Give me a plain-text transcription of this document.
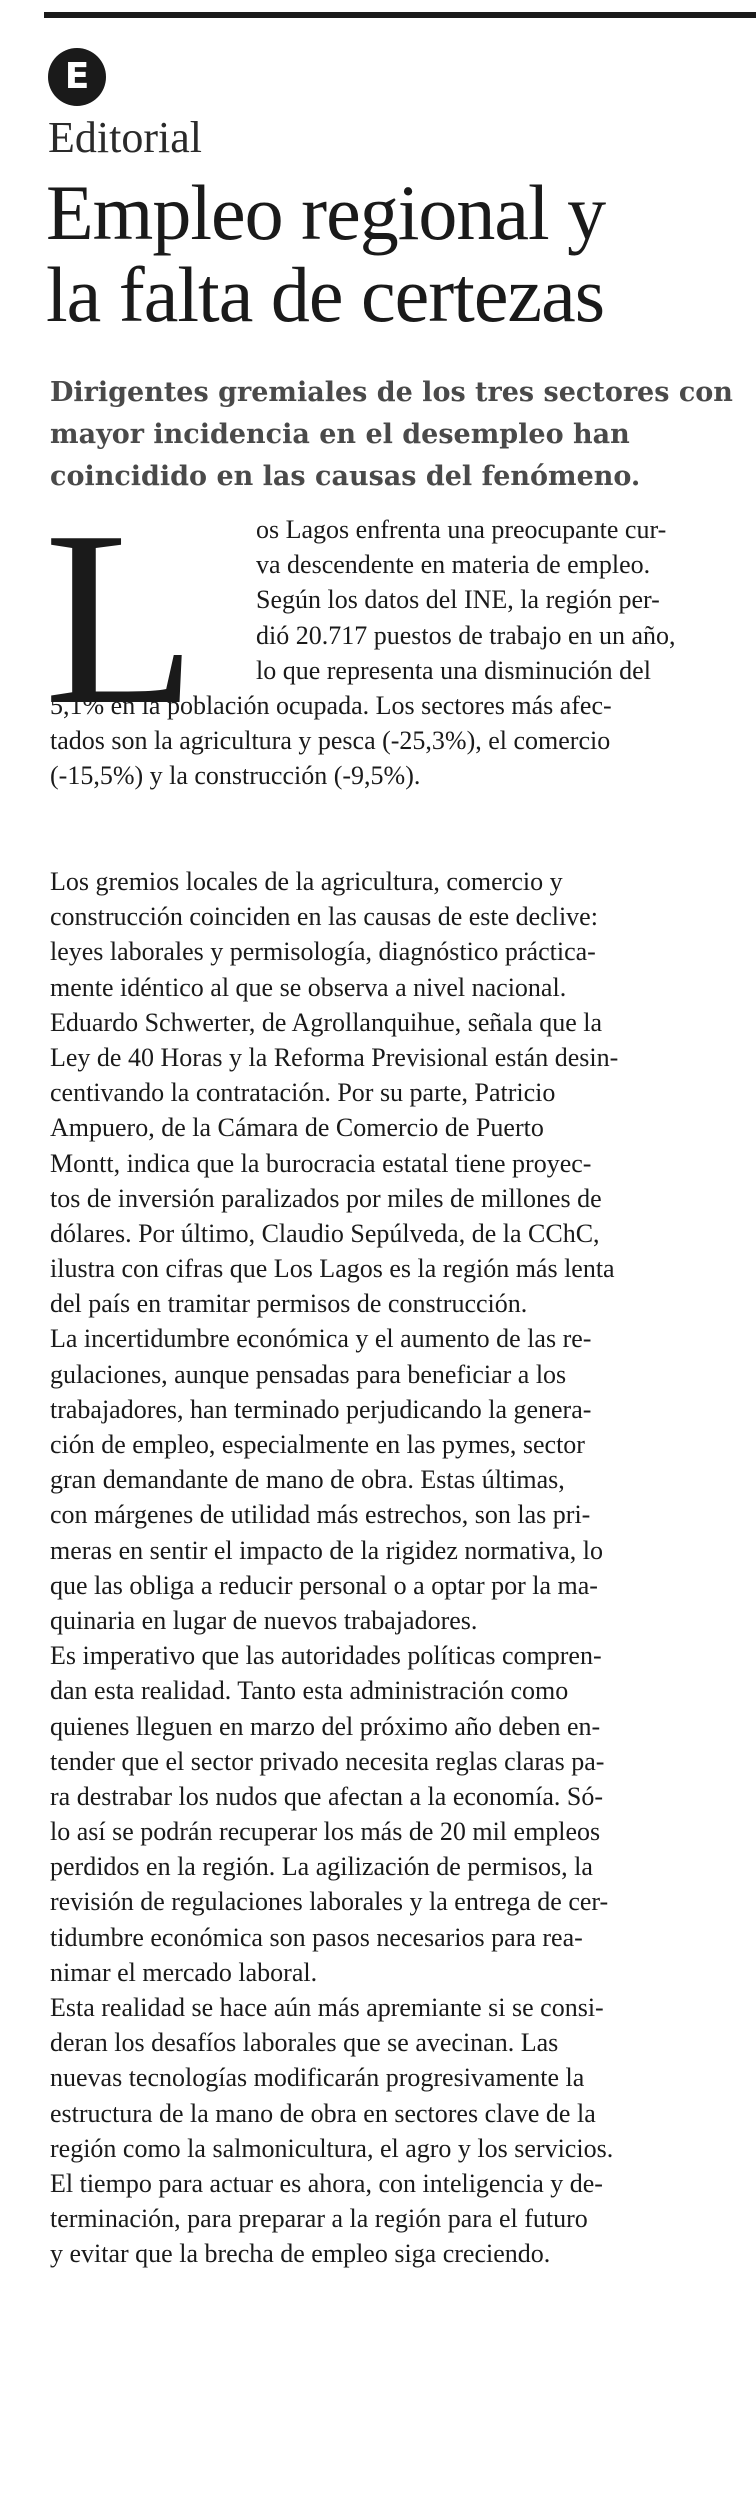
E
Editorial
Empleo regional y
la falta de certezas

Dirigentes gremiales de los tres sectores con
mayor incidencia en el desempleo han
coincidido en las causas del fenómeno.

L os Lagos enfrenta una preocupante cur-
va descendente en materia de empleo.
Según los datos del INE, la región per-
dió 20.717 puestos de trabajo en un año,
lo que representa una disminución del
5,1% en la población ocupada. Los sectores más afec-
tados son la agricultura y pesca (-25,3%), el comercio
(-15,5%) y la construcción (-9,5%).
Los gremios locales de la agricultura, comercio y
construcción coinciden en las causas de este declive:
leyes laborales y permisología, diagnóstico práctica-
mente idéntico al que se observa a nivel nacional.
Eduardo Schwerter, de Agrollanquihue, señala que la
Ley de 40 Horas y la Reforma Previsional están desin-
centivando la contratación. Por su parte, Patricio
Ampuero, de la Cámara de Comercio de Puerto
Montt, indica que la burocracia estatal tiene proyec-
tos de inversión paralizados por miles de millones de
dólares. Por último, Claudio Sepúlveda, de la CChC,
ilustra con cifras que Los Lagos es la región más lenta
del país en tramitar permisos de construcción.
La incertidumbre económica y el aumento de las re-
gulaciones, aunque pensadas para beneficiar a los
trabajadores, han terminado perjudicando la genera-
ción de empleo, especialmente en las pymes, sector
gran demandante de mano de obra. Estas últimas,
con márgenes de utilidad más estrechos, son las pri-
meras en sentir el impacto de la rigidez normativa, lo
que las obliga a reducir personal o a optar por la ma-
quinaria en lugar de nuevos trabajadores.
Es imperativo que las autoridades políticas compren-
dan esta realidad. Tanto esta administración como
quienes lleguen en marzo del próximo año deben en-
tender que el sector privado necesita reglas claras pa-
ra destrabar los nudos que afectan a la economía. Só-
lo así se podrán recuperar los más de 20 mil empleos
perdidos en la región. La agilización de permisos, la
revisión de regulaciones laborales y la entrega de cer-
tidumbre económica son pasos necesarios para rea-
nimar el mercado laboral.
Esta realidad se hace aún más apremiante si se consi-
deran los desafíos laborales que se avecinan. Las
nuevas tecnologías modificarán progresivamente la
estructura de la mano de obra en sectores clave de la
región como la salmonicultura, el agro y los servicios.
El tiempo para actuar es ahora, con inteligencia y de-
terminación, para preparar a la región para el futuro
y evitar que la brecha de empleo siga creciendo.
